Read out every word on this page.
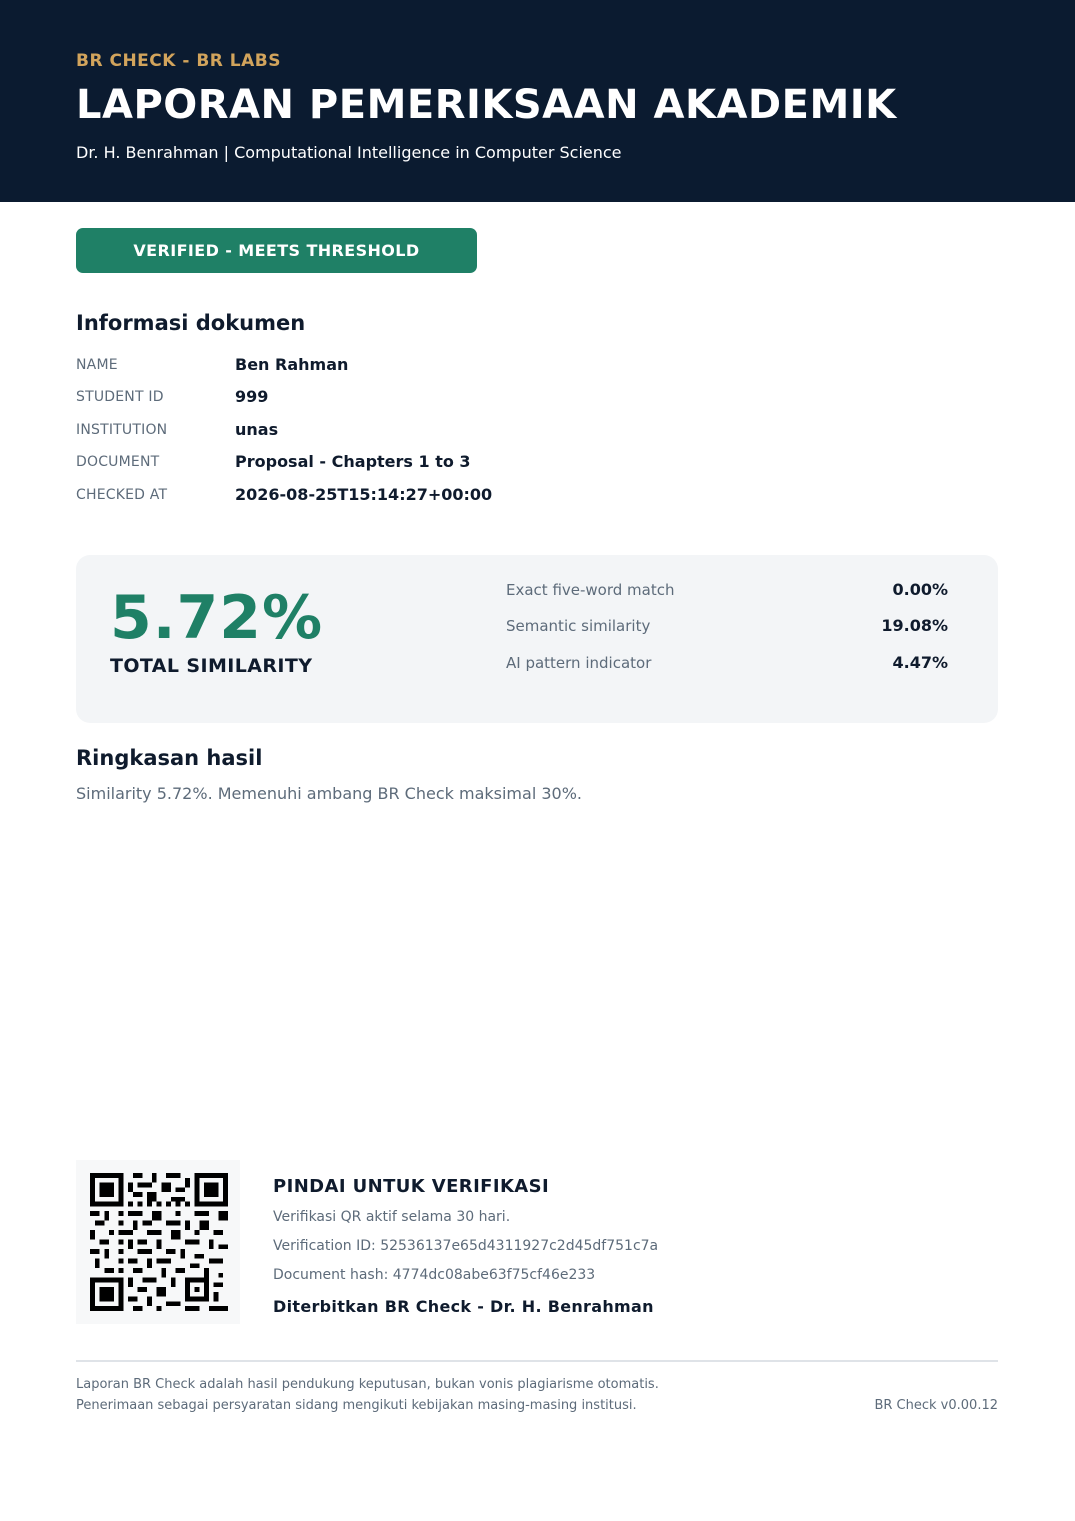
BR CHECK - BR LABS
LAPORAN PEMERIKSAAN AKADEMIK
Dr. H. Benrahman | Computational Intelligence in Computer Science
VERIFIED - MEETS THRESHOLD
Informasi dokumen
NAME	Ben Rahman
STUDENT ID	999
INSTITUTION	unas
DOCUMENT	Proposal - Chapters 1 to 3
CHECKED AT	2026-08-25T15:14:27+00:00
5.72%
TOTAL SIMILARITY
Exact five-word match	0.00%
Semantic similarity	19.08%
AI pattern indicator	4.47%
Ringkasan hasil
Similarity 5.72%. Memenuhi ambang BR Check maksimal 30%.
PINDAI UNTUK VERIFIKASI
Verifikasi QR aktif selama 30 hari.
Verification ID: 52536137e65d4311927c2d45df751c7a
Document hash: 4774dc08abe63f75cf46e233
Diterbitkan BR Check - Dr. H. Benrahman
Laporan BR Check adalah hasil pendukung keputusan, bukan vonis plagiarisme otomatis.
Penerimaan sebagai persyaratan sidang mengikuti kebijakan masing-masing institusi.	BR Check v0.00.12
